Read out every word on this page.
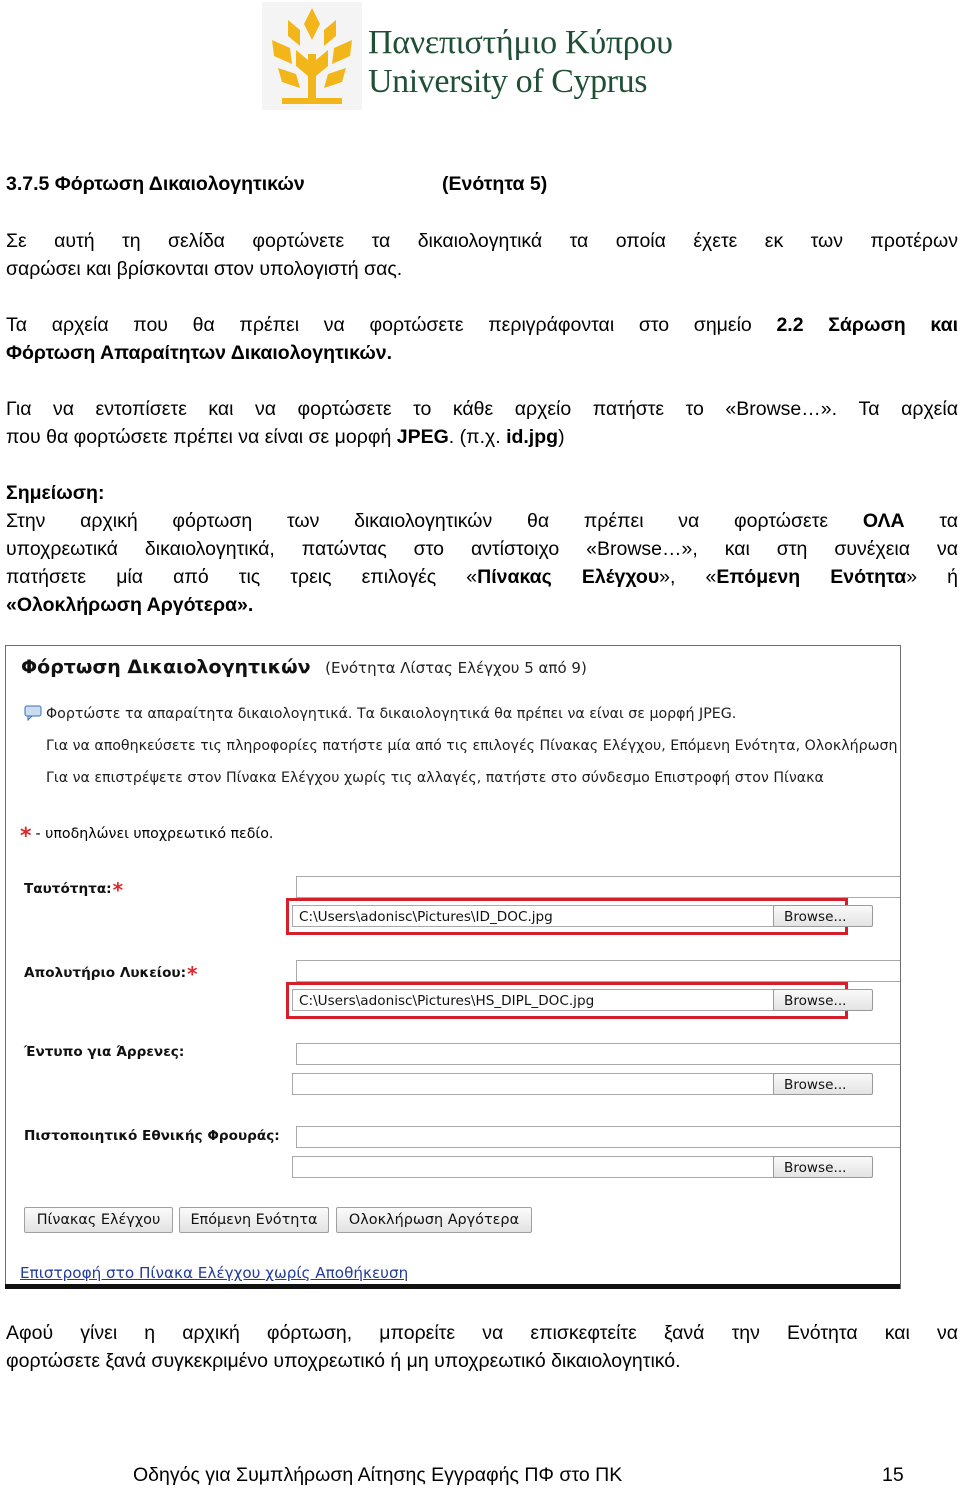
Πανεπιστήμιο Κύπρου
University of Cyprus
3.7.5 Φόρτωση Δικαιολογητικών	(Ενότητα 5)
Σε αυτή τη σελίδα φορτώνετε τα δικαιολογητικά τα οποία έχετε εκ των προτέρων
σαρώσει και βρίσκονται στον υπολογιστή σας.
Τα αρχεία που θα πρέπει να φορτώσετε περιγράφονται στο σημείο 2.2 Σάρωση και
Φόρτωση Απαραίτητων Δικαιολογητικών.
Για να εντοπίσετε και να φορτώσετε το κάθε αρχείο πατήστε το «Browse…». Τα αρχεία
που θα φορτώσετε πρέπει να είναι σε μορφή JPEG. (π.χ. id.jpg)
Σημείωση:
Στην αρχική φόρτωση των δικαιολογητικών θα πρέπει να φορτώσετε ΟΛΑ τα
υποχρεωτικά δικαιολογητικά, πατώντας στο αντίστοιχο «Browse…», και στη συνέχεια να
πατήσετε μία από τις τρεις επιλογές «Πίνακας Ελέγχου», «Επόμενη Ενότητα» ή
«Ολοκλήρωση Αργότερα».
Φόρτωση Δικαιολογητικών (Ενότητα Λίστας Ελέγχου 5 από 9)
Φορτώστε τα απαραίτητα δικαιολογητικά. Τα δικαιολογητικά θα πρέπει να είναι σε μορφή JPEG.
Για να αποθηκεύσετε τις πληροφορίες πατήστε μία από τις επιλογές Πίνακας Ελέγχου, Επόμενη Ενότητα, Ολοκλήρωση
Για να επιστρέψετε στον Πίνακα Ελέγχου χωρίς τις αλλαγές, πατήστε στο σύνδεσμο Επιστροφή στον Πίνακα
* - υποδηλώνει υποχρεωτικό πεδίο.
Ταυτότητα:*
C:\Users\adonisc\Pictures\ID_DOC.jpg	Browse...
Απολυτήριο Λυκείου:*
C:\Users\adonisc\Pictures\HS_DIPL_DOC.jpg	Browse...
Έντυπο για Άρρενες:
Browse...
Πιστοποιητικό Εθνικής Φρουράς:
Browse...
Πίνακας Ελέγχου	Επόμενη Ενότητα	Ολοκλήρωση Αργότερα
Επιστροφή στο Πίνακα Ελέγχου χωρίς Αποθήκευση
Αφού γίνει η αρχική φόρτωση, μπορείτε να επισκεφτείτε ξανά την Ενότητα και να
φορτώσετε ξανά συγκεκριμένο υποχρεωτικό ή μη υποχρεωτικό δικαιολογητικό.
Οδηγός για Συμπλήρωση Αίτησης Εγγραφής ΠΦ στο ΠΚ	15
